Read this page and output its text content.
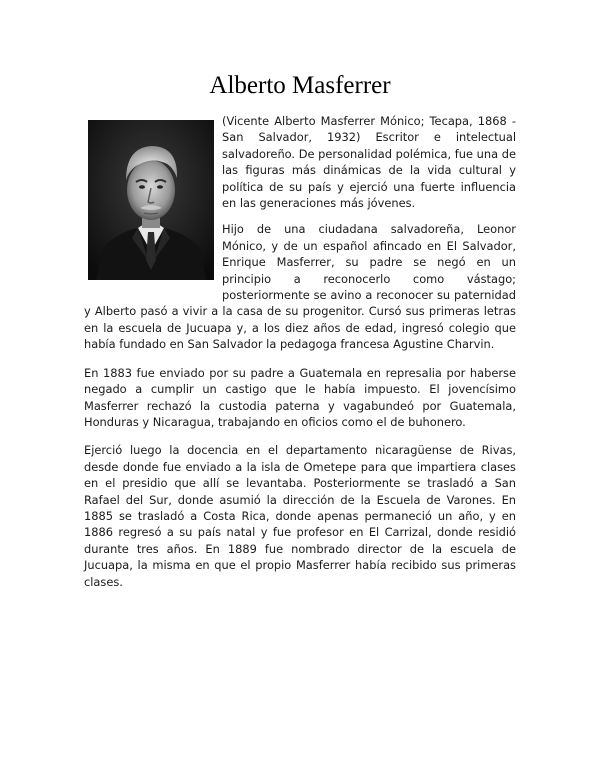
Alberto Masferrer

(Vicente Alberto Masferrer Mónico; Tecapa, 1868 - San Salvador, 1932) Escritor e intelectual salvadoreño. De personalidad polémica, fue una de las figuras más dinámicas de la vida cultural y política de su país y ejerció una fuerte influencia en las generaciones más jóvenes.

Hijo de una ciudadana salvadoreña, Leonor Mónico, y de un español afincado en El Salvador, Enrique Masferrer, su padre se negó en un principio a reconocerlo como vástago; posteriormente se avino a reconocer su paternidad y Alberto pasó a vivir a la casa de su progenitor. Cursó sus primeras letras en la escuela de Jucuapa y, a los diez años de edad, ingresó colegio que había fundado en San Salvador la pedagoga francesa Agustine Charvin.

En 1883 fue enviado por su padre a Guatemala en represalia por haberse negado a cumplir un castigo que le había impuesto. El jovencísimo Masferrer rechazó la custodia paterna y vagabundeó por Guatemala, Honduras y Nicaragua, trabajando en oficios como el de buhonero.

Ejerció luego la docencia en el departamento nicaragüense de Rivas, desde donde fue enviado a la isla de Ometepe para que impartiera clases en el presidio que allí se levantaba. Posteriormente se trasladó a San Rafael del Sur, donde asumió la dirección de la Escuela de Varones. En 1885 se trasladó a Costa Rica, donde apenas permaneció un año, y en 1886 regresó a su país natal y fue profesor en El Carrizal, donde residió durante tres años. En 1889 fue nombrado director de la escuela de Jucuapa, la misma en que el propio Masferrer había recibido sus primeras clases.
